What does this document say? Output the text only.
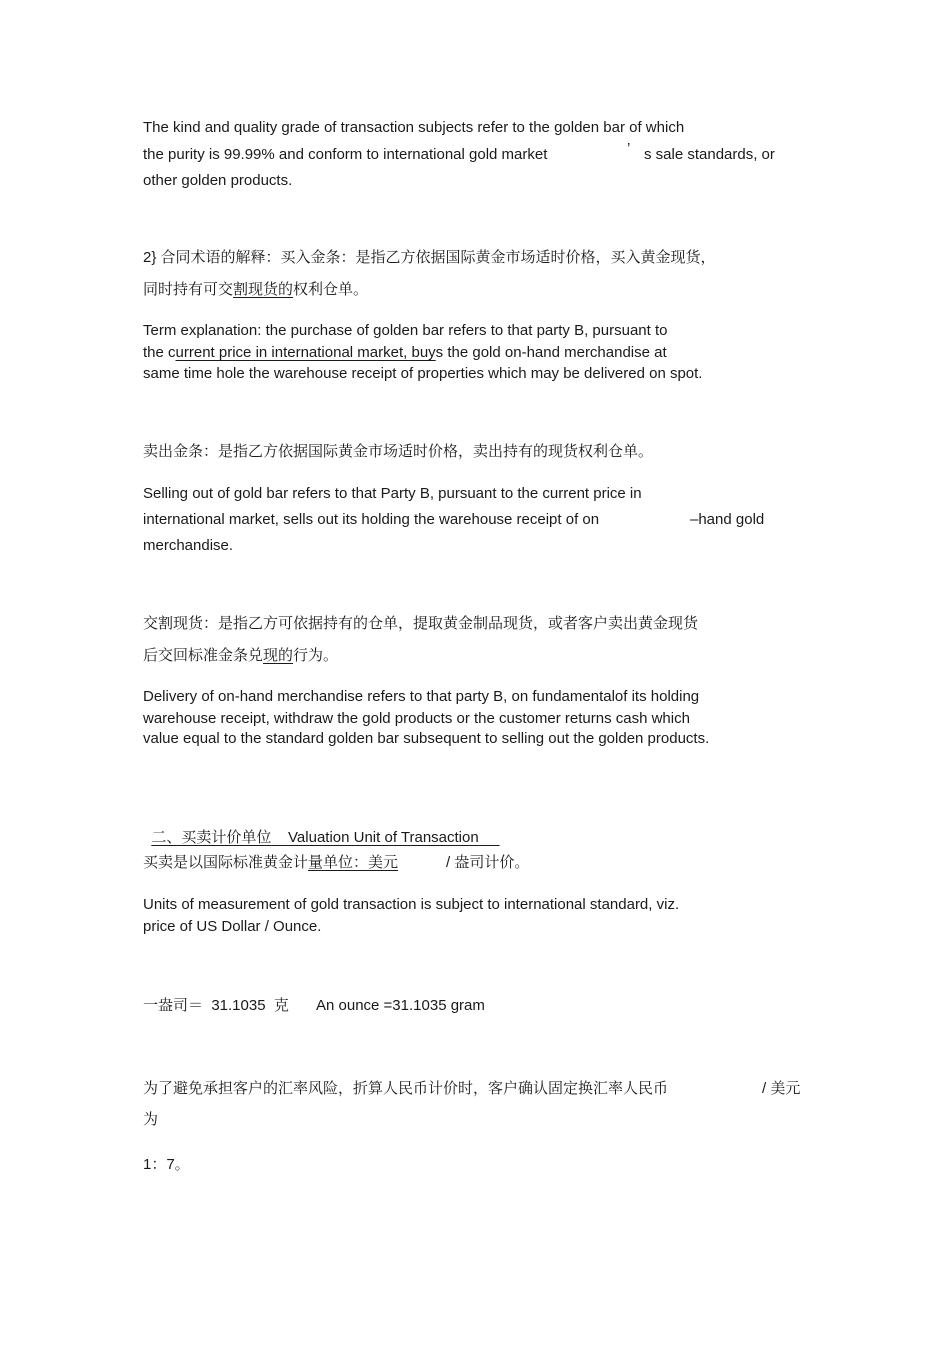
The kind and quality grade of transaction subjects refer to the golden bar of which
the purity is 99.99% and conform to international gold market	’ s sale standards, or
other golden products.
2} 合同术语的解释：买入金条：是指乙方依据国际黄金市场适时价格，买入黄金现货，
同时持有可交割现货的权利仓单。
Term explanation: the purchase of golden bar refers to that party B, pursuant to
the current price in international market, buys the gold on-hand merchandise at
same time hole the warehouse receipt of properties which may be delivered on spot.
卖出金条：是指乙方依据国际黄金市场适时价格，卖出持有的现货权利仓单。
Selling out of gold bar refers to that Party B, pursuant to the current price in
international market, sells out its holding the warehouse receipt of on	–hand gold
merchandise.
交割现货：是指乙方可依据持有的仓单，提取黄金制品现货，或者客户卖出黄金现货
后交回标准金条兑现的行为。
Delivery of on-hand merchandise refers to that party B, on fundamentalof its holding
warehouse receipt, withdraw the gold products or the customer returns cash which
value equal to the standard golden bar subsequent to selling out the golden products.

二、买卖计价单位 Valuation Unit of Transaction

买卖是以国际标准黄金计量单位：美元	/ 盎司计价。
Units of measurement of gold transaction is subject to international standard, viz.
price of US Dollar / Ounce.
一盎司＝  31.1035  克 An ounce =31.1035 gram
为了避免承担客户的汇率风险，折算人民币计价时，客户确认固定换汇率人民币	/ 美元
为
1：7。
